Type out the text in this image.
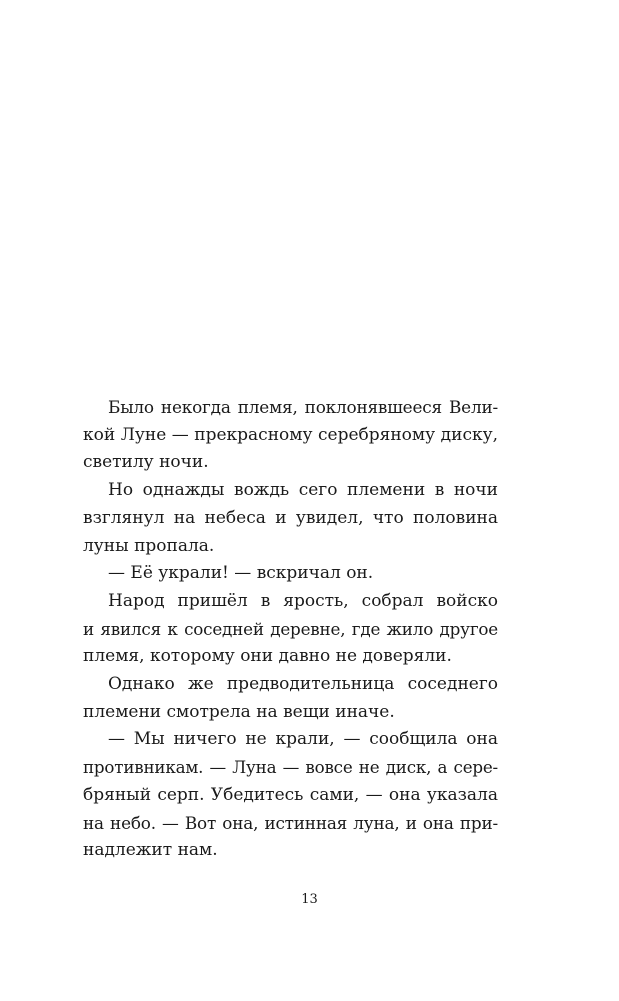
Было некогда племя, поклонявшееся Вели-
кой Луне — прекрасному серебряному диску,
светилу ночи.
Но однажды вождь сего племени в ночи
взглянул на небеса и увидел, что половина
луны пропала.
— Её украли! — вскричал он.
Народ пришёл в ярость, собрал войско
и явился к соседней деревне, где жило другое
племя, которому они давно не доверяли.
Однако же предводительница соседнего
племени смотрела на вещи иначе.
— Мы ничего не крали, — сообщила она
противникам. — Луна — вовсе не диск, а сере-
бряный серп. Убедитесь сами, — она указала
на небо. — Вот она, истинная луна, и она при-
надлежит нам.
13
